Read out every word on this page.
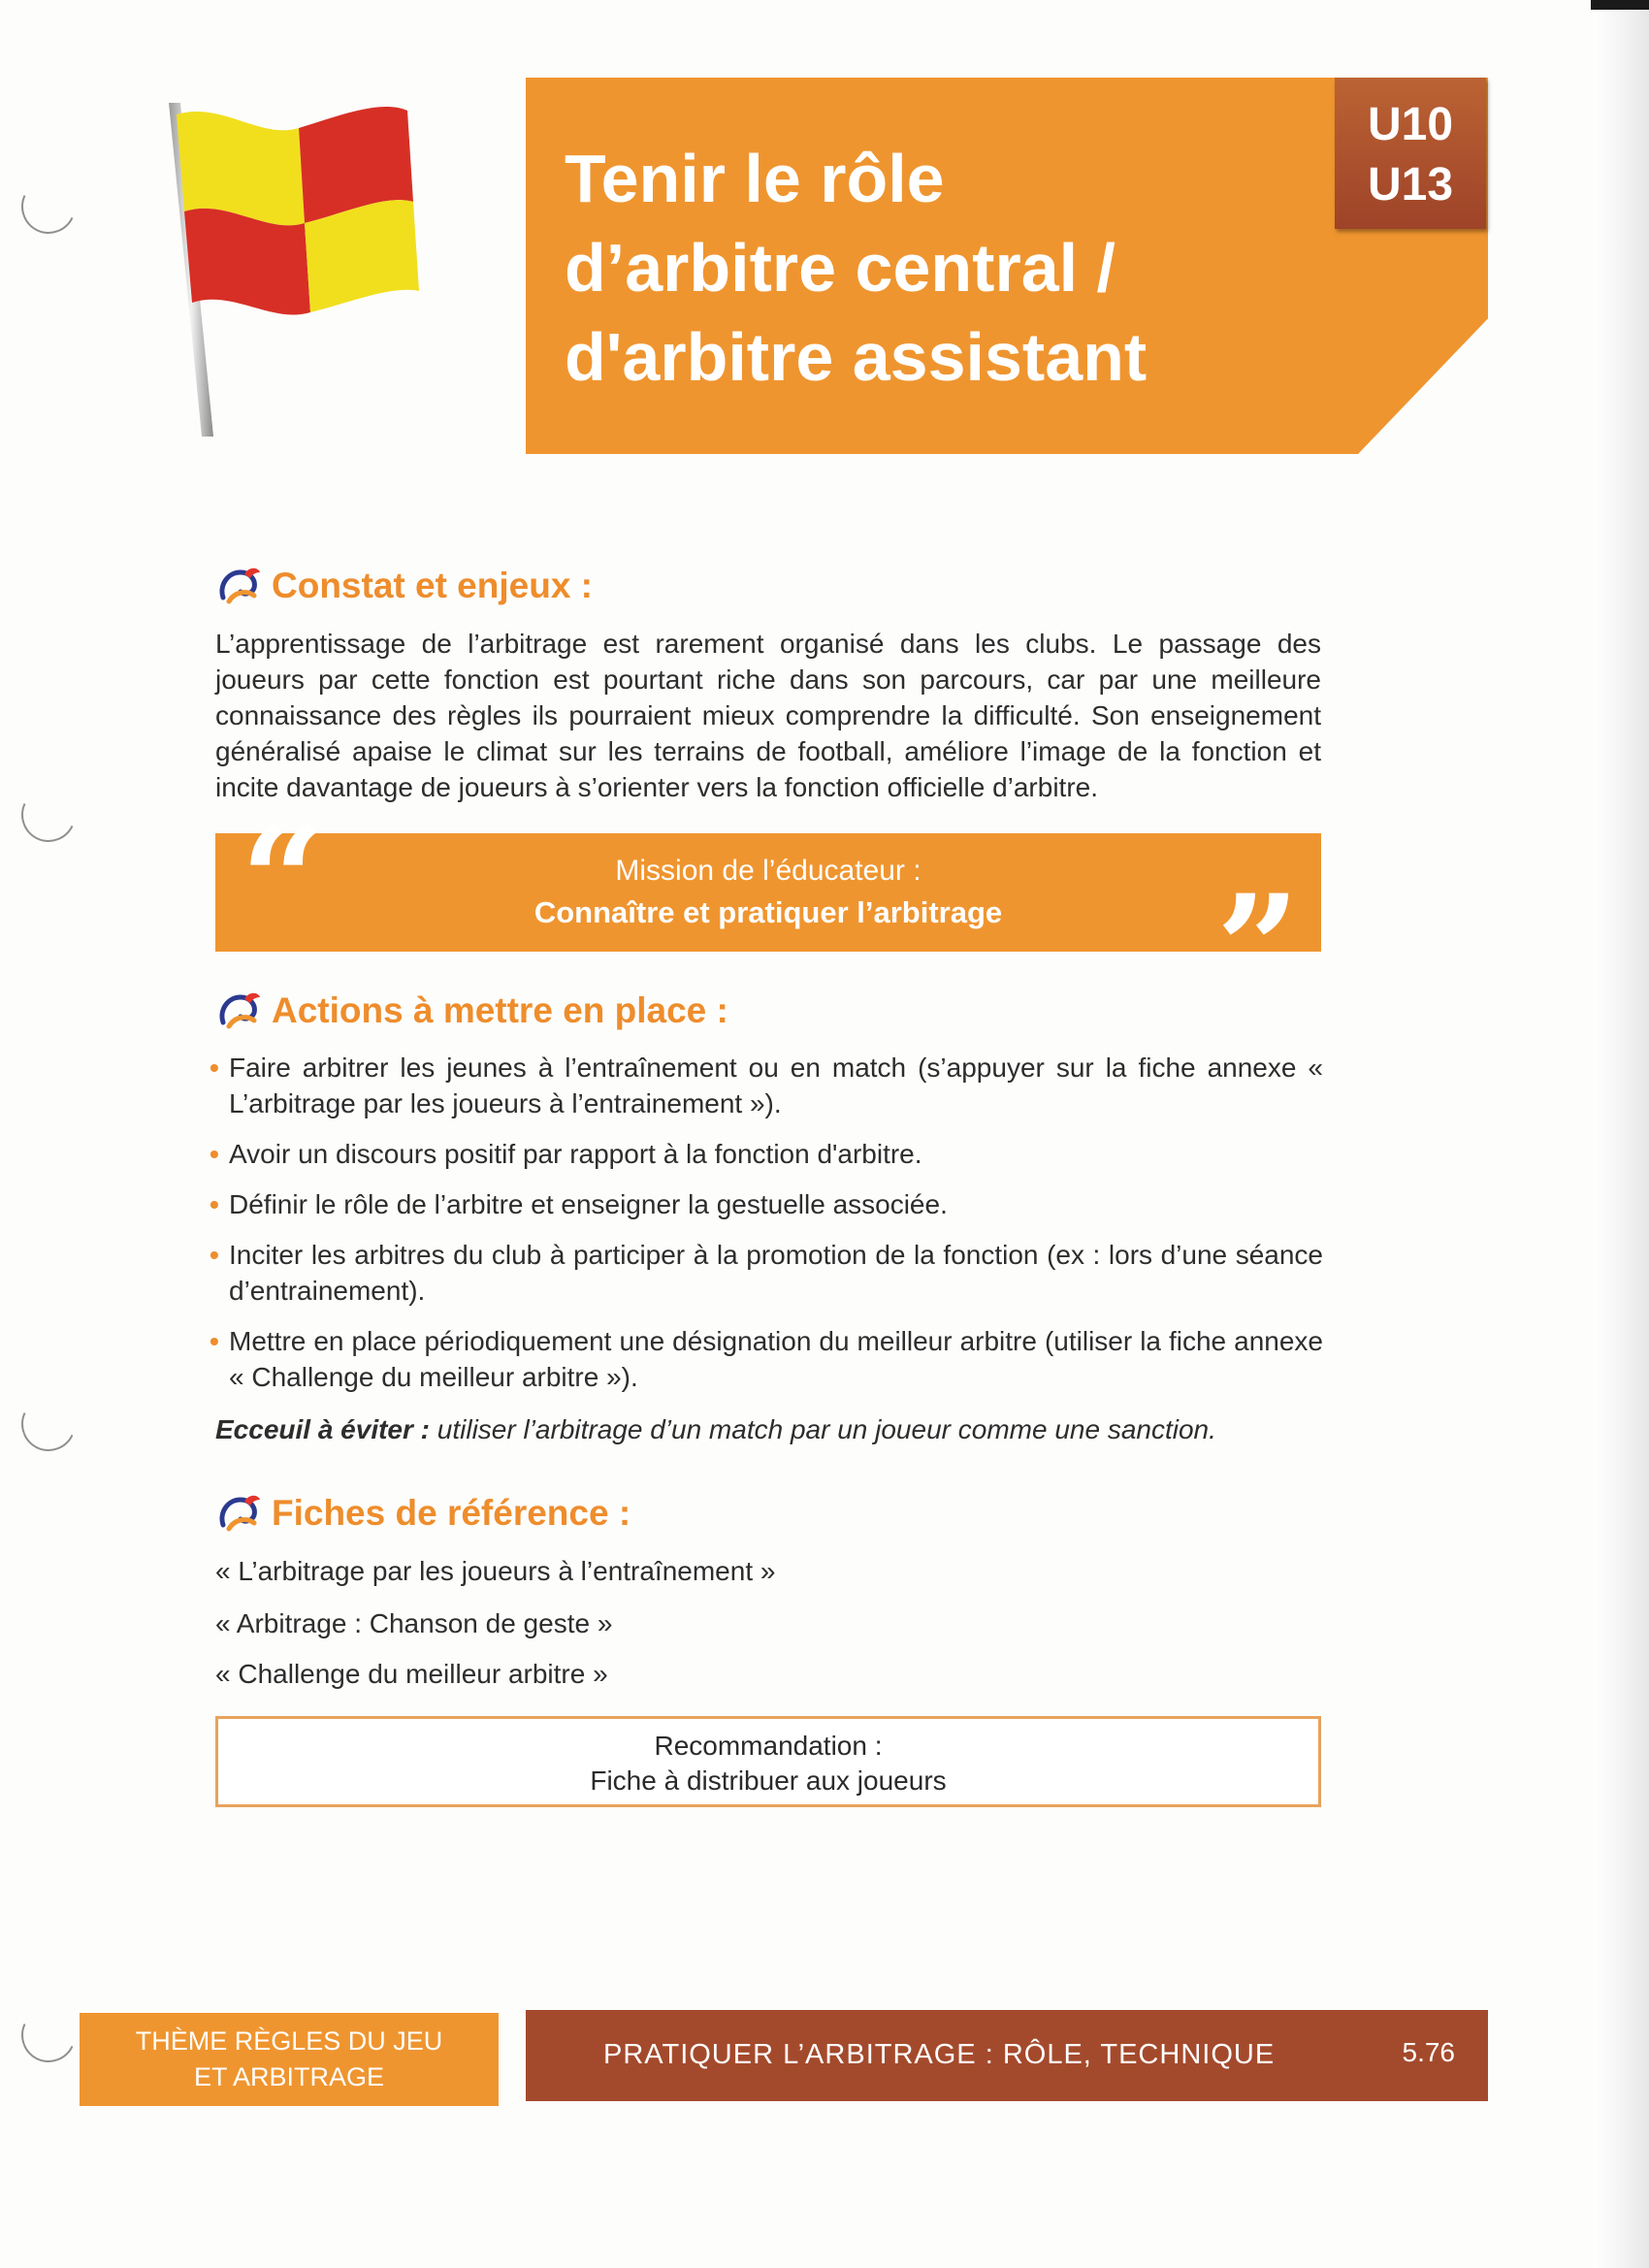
Tenir le rôle
d’arbitre central /
d'arbitre assistant
U10
U13
Constat et enjeux :
L’apprentissage de l’arbitrage est rarement organisé dans les clubs. Le passage des joueurs par cette fonction est pourtant riche dans son parcours, car par une meilleure connaissance des règles ils pourraient mieux comprendre la difficulté. Son enseignement généralisé apaise le climat sur les terrains de football, améliore l’image de la fonction et incite davantage de joueurs à s’orienter vers la fonction officielle d’arbitre.
“	Mission de l’éducateur :
Connaître et pratiquer l’arbitrage	”
Actions à mettre en place :
• Faire arbitrer les jeunes à l’entraînement ou en match (s’appuyer sur la fiche annexe « L’arbitrage par les joueurs à l’entrainement »).
• Avoir un discours positif par rapport à la fonction d'arbitre.
• Définir le rôle de l’arbitre et enseigner la gestuelle associée.
• Inciter les arbitres du club à participer à la promotion de la fonction (ex : lors d’une séance d’entrainement).
• Mettre en place périodiquement une désignation du meilleur arbitre (utiliser la fiche annexe « Challenge du meilleur arbitre »).
Ecceuil à éviter : utiliser l’arbitrage d’un match par un joueur comme une sanction.
Fiches de référence :
« L’arbitrage par les joueurs à l’entraînement »
« Arbitrage : Chanson de geste »
« Challenge du meilleur arbitre »
Recommandation :
Fiche à distribuer aux joueurs
THÈME RÈGLES DU JEU
ET ARBITRAGE
PRATIQUER L’ARBITRAGE : RÔLE, TECHNIQUE	5.76
